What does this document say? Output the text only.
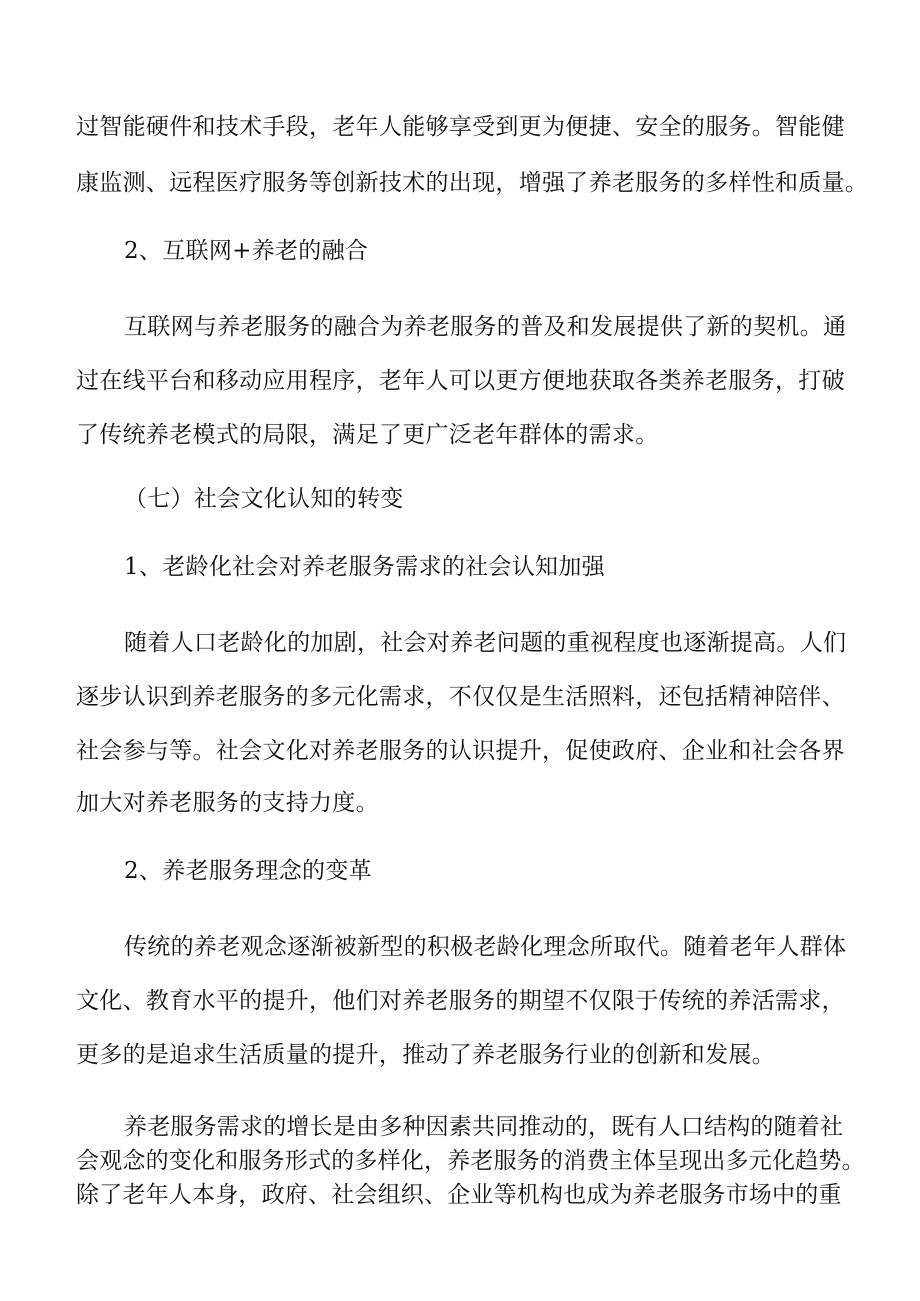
过智能硬件和技术手段，老年人能够享受到更为便捷、安全的服务。智能健
康监测、远程医疗服务等创新技术的出现，增强了养老服务的多样性和质量。
2、互联网+养老的融合
互联网与养老服务的融合为养老服务的普及和发展提供了新的契机。通
过在线平台和移动应用程序，老年人可以更方便地获取各类养老服务，打破
了传统养老模式的局限，满足了更广泛老年群体的需求。
（七）社会文化认知的转变
1、老龄化社会对养老服务需求的社会认知加强
随着人口老龄化的加剧，社会对养老问题的重视程度也逐渐提高。人们
逐步认识到养老服务的多元化需求，不仅仅是生活照料，还包括精神陪伴、
社会参与等。社会文化对养老服务的认识提升，促使政府、企业和社会各界
加大对养老服务的支持力度。
2、养老服务理念的变革
传统的养老观念逐渐被新型的积极老龄化理念所取代。随着老年人群体
文化、教育水平的提升，他们对养老服务的期望不仅限于传统的养活需求，
更多的是追求生活质量的提升，推动了养老服务行业的创新和发展。
养老服务需求的增长是由多种因素共同推动的，既有人口结构的随着社
会观念的变化和服务形式的多样化，养老服务的消费主体呈现出多元化趋势。
除了老年人本身，政府、社会组织、企业等机构也成为养老服务市场中的重
